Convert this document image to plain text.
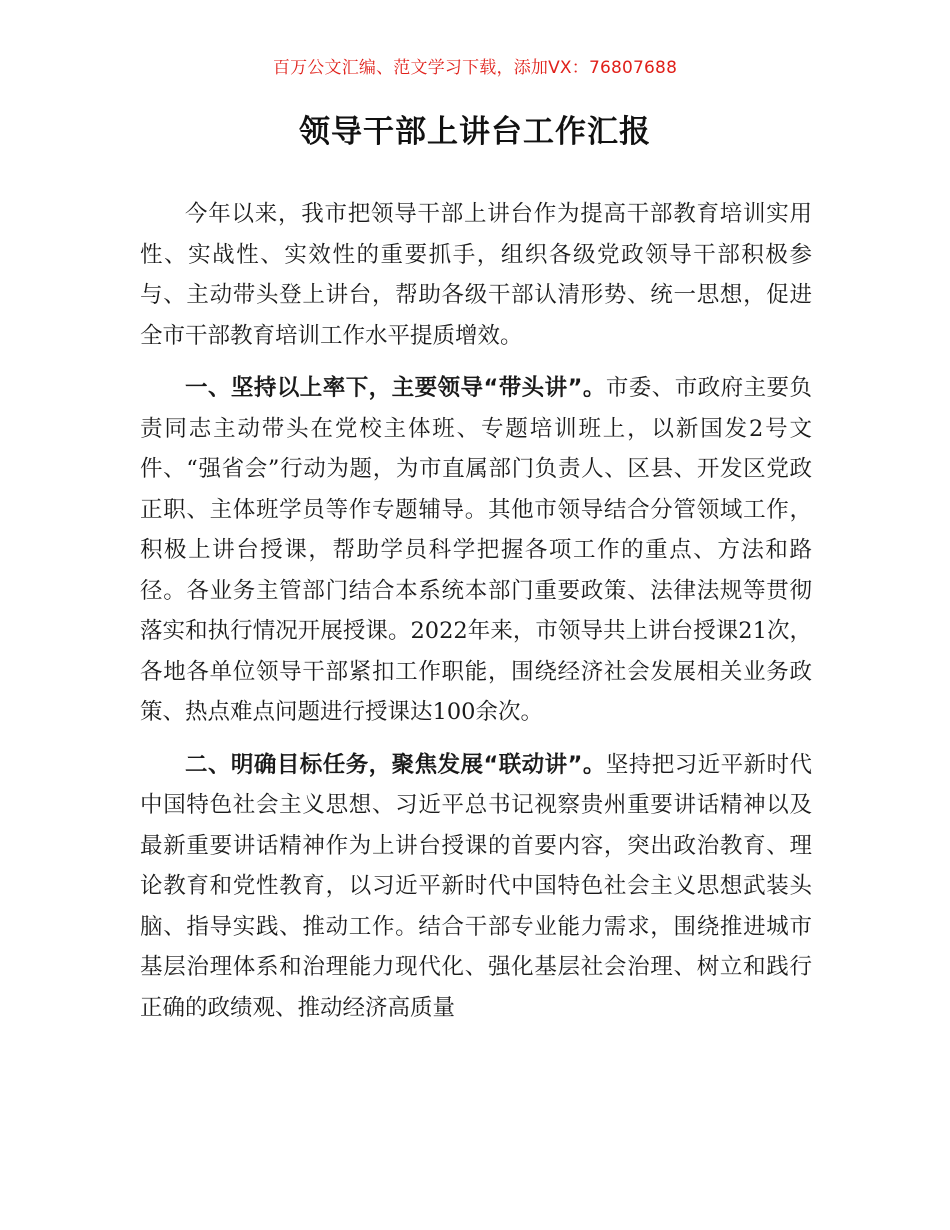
百万公文汇编、范文学习下载，添加VX：76807688
领导干部上讲台工作汇报

今年以来，我市把领导干部上讲台作为提高干部教育培训实用性、实战性、实效性的重要抓手，组织各级党政领导干部积极参与、主动带头登上讲台，帮助各级干部认清形势、统一思想，促进全市干部教育培训工作水平提质增效。

一、坚持以上率下，主要领导“带头讲”。市委、市政府主要负责同志主动带头在党校主体班、专题培训班上，以新国发2号文件、“强省会”行动为题，为市直属部门负责人、区县、开发区党政正职、主体班学员等作专题辅导。其他市领导结合分管领域工作，积极上讲台授课，帮助学员科学把握各项工作的重点、方法和路径。各业务主管部门结合本系统本部门重要政策、法律法规等贯彻落实和执行情况开展授课。2022年来，市领导共上讲台授课21次，各地各单位领导干部紧扣工作职能，围绕经济社会发展相关业务政策、热点难点问题进行授课达100余次。

二、明确目标任务，聚焦发展“联动讲”。坚持把习近平新时代中国特色社会主义思想、习近平总书记视察贵州重要讲话精神以及最新重要讲话精神作为上讲台授课的首要内容，突出政治教育、理论教育和党性教育，以习近平新时代中国特色社会主义思想武装头脑、指导实践、推动工作。结合干部专业能力需求，围绕推进城市基层治理体系和治理能力现代化、强化基层社会治理、树立和践行正确的政绩观、推动经济高质量
